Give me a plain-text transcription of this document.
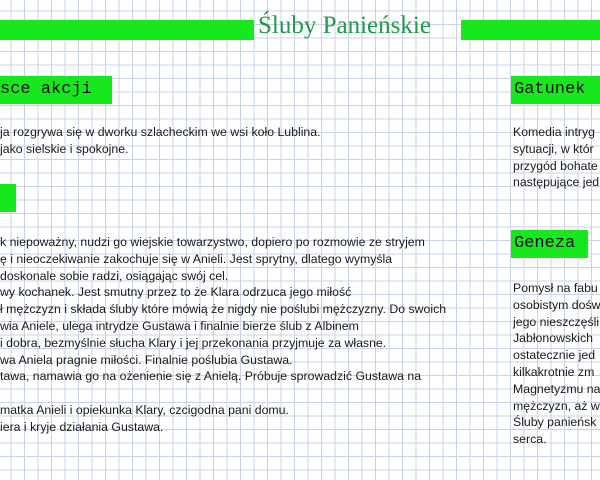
Śluby Panieńskie
sce akcji
ja rozgrywa się w dworku szlacheckim we wsi koło Lublina.
jako sielskie i spokojne.
k niepoważny, nudzi go wiejskie towarzystwo, dopiero po rozmowie ze stryjem
ę i nieoczekiwanie zakochuje się w Anieli. Jest sprytny, dlatego wymyśla
doskonale sobie radzi, osiągając swój cel.
wy kochanek. Jest smutny przez to że Klara odrzuca jego miłość
ł mężczyzn i składa śluby które mówią że nigdy nie poślubi mężczyzny. Do swoich
wia Aniele, ulega intrydze Gustawa i finalnie bierze ślub z Albinem
i dobra, bezmyślnie słucha Klary i jej przekonania przyjmuje za własne.
wa Aniela pragnie miłości. Finalnie poślubia Gustawa.
tawa, namawia go na ożenienie się z Anielą. Próbuje sprowadzić Gustawa na
matka Anieli i opiekunka Klary, czcigodna pani domu.
iera i kryje działania Gustawa.
Gatunek
Komedia intryg
sytuacji, w któr
przygód bohate
następujące jed
Geneza
Pomysł na fabu
osobistym dośw
jego nieszczęśli
Jabłonowskich
ostatecznie jed
kilkakrotnie zm
Magnetyzmu na
mężczyzn, aż w
Śluby panieńsk
serca.
